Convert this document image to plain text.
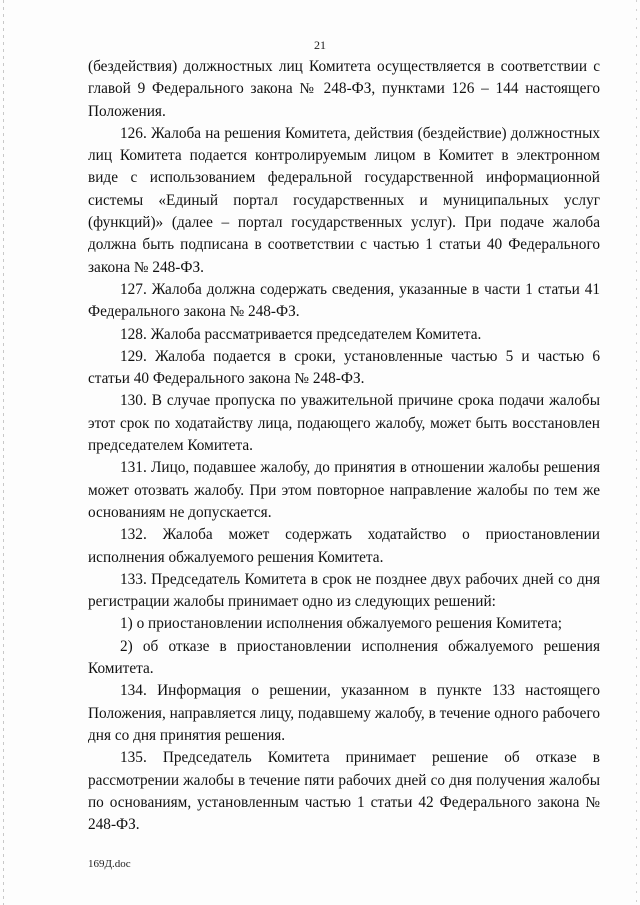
21

(бездействия) должностных лиц Комитета осуществляется в соответствии с главой 9 Федерального закона № 248-ФЗ, пунктами 126 – 144 настоящего Положения.

126. Жалоба на решения Комитета, действия (бездействие) должностных лиц Комитета подается контролируемым лицом в Комитет в электронном виде с использованием федеральной государственной информационной системы «Единый портал государственных и муниципальных услуг (функций)» (далее – портал государственных услуг). При подаче жалоба должна быть подписана в соответствии с частью 1 статьи 40 Федерального закона № 248-ФЗ.

127. Жалоба должна содержать сведения, указанные в части 1 статьи 41 Федерального закона № 248-ФЗ.

128. Жалоба рассматривается председателем Комитета.

129. Жалоба подается в сроки, установленные частью 5 и частью 6 статьи 40 Федерального закона № 248-ФЗ.

130. В случае пропуска по уважительной причине срока подачи жалобы этот срок по ходатайству лица, подающего жалобу, может быть восстановлен председателем Комитета.

131. Лицо, подавшее жалобу, до принятия в отношении жалобы решения может отозвать жалобу. При этом повторное направление жалобы по тем же основаниям не допускается.

132. Жалоба может содержать ходатайство о приостановлении исполнения обжалуемого решения Комитета.

133. Председатель Комитета в срок не позднее двух рабочих дней со дня регистрации жалобы принимает одно из следующих решений:

1) о приостановлении исполнения обжалуемого решения Комитета;

2) об отказе в приостановлении исполнения обжалуемого решения Комитета.

134. Информация о решении, указанном в пункте 133 настоящего Положения, направляется лицу, подавшему жалобу, в течение одного рабочего дня со дня принятия решения.

135. Председатель Комитета принимает решение об отказе в рассмотрении жалобы в течение пяти рабочих дней со дня получения жалобы по основаниям, установленным частью 1 статьи 42 Федерального закона № 248-ФЗ.

169Д.doc
